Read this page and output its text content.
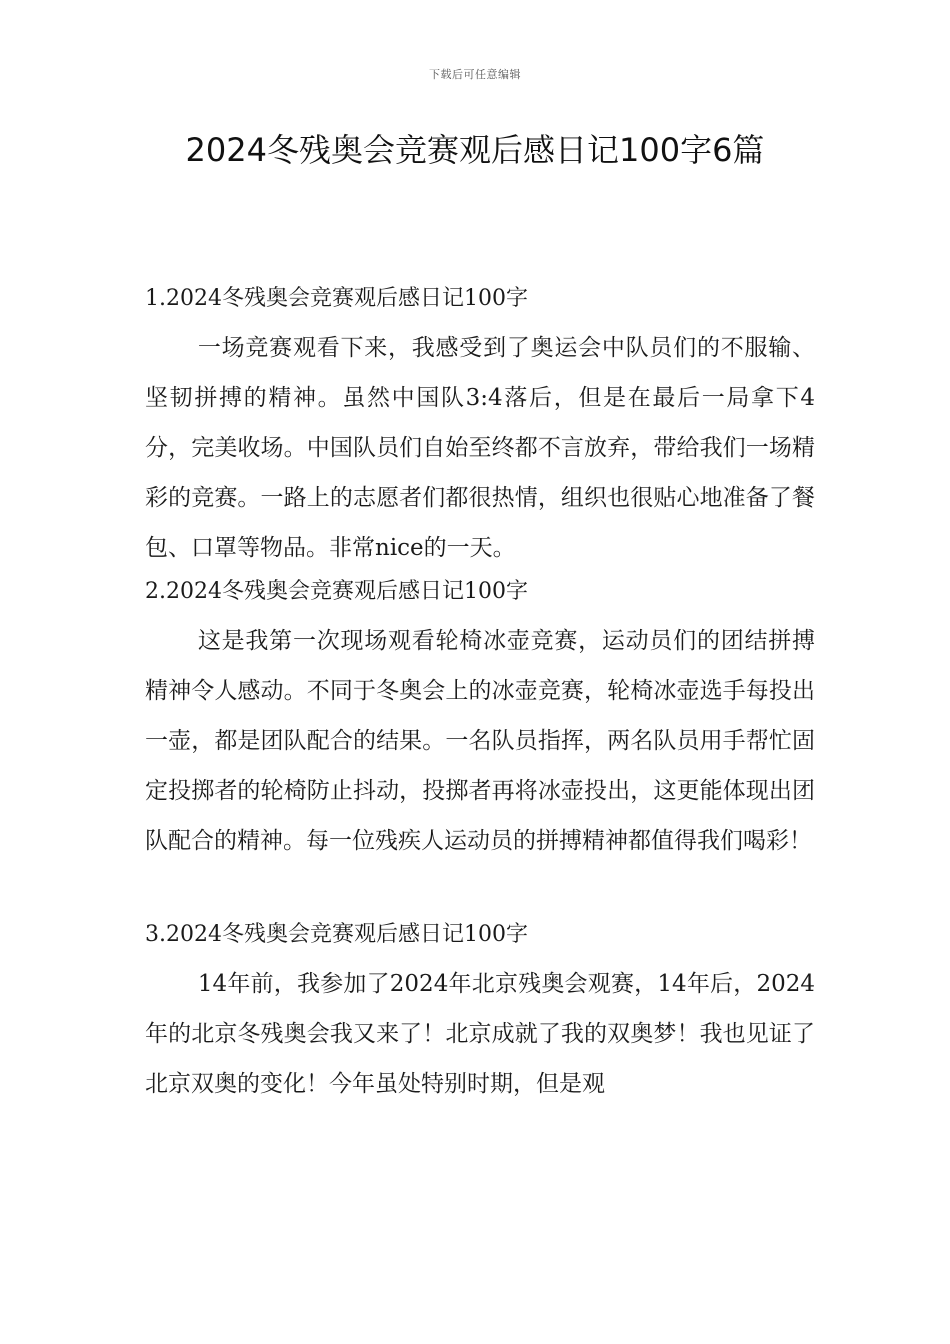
下载后可任意编辑
2024冬残奥会竞赛观后感日记100字6篇
1.2024冬残奥会竞赛观后感日记100字

一场竞赛观看下来，我感受到了奥运会中队员们的不服输、坚韧拼搏的精神。虽然中国队3:4落后，但是在最后一局拿下4分，完美收场。中国队员们自始至终都不言放弃，带给我们一场精彩的竞赛。一路上的志愿者们都很热情，组织也很贴心地准备了餐包、口罩等物品。非常nice的一天。

2.2024冬残奥会竞赛观后感日记100字

这是我第一次现场观看轮椅冰壶竞赛，运动员们的团结拼搏精神令人感动。不同于冬奥会上的冰壶竞赛，轮椅冰壶选手每投出一壶，都是团队配合的结果。一名队员指挥，两名队员用手帮忙固定投掷者的轮椅防止抖动，投掷者再将冰壶投出，这更能体现出团队配合的精神。每一位残疾人运动员的拼搏精神都值得我们喝彩！

3.2024冬残奥会竞赛观后感日记100字

14年前，我参加了2024年北京残奥会观赛，14年后，2024年的北京冬残奥会我又来了！北京成就了我的双奥梦！我也见证了北京双奥的变化！今年虽处特别时期，但是观
